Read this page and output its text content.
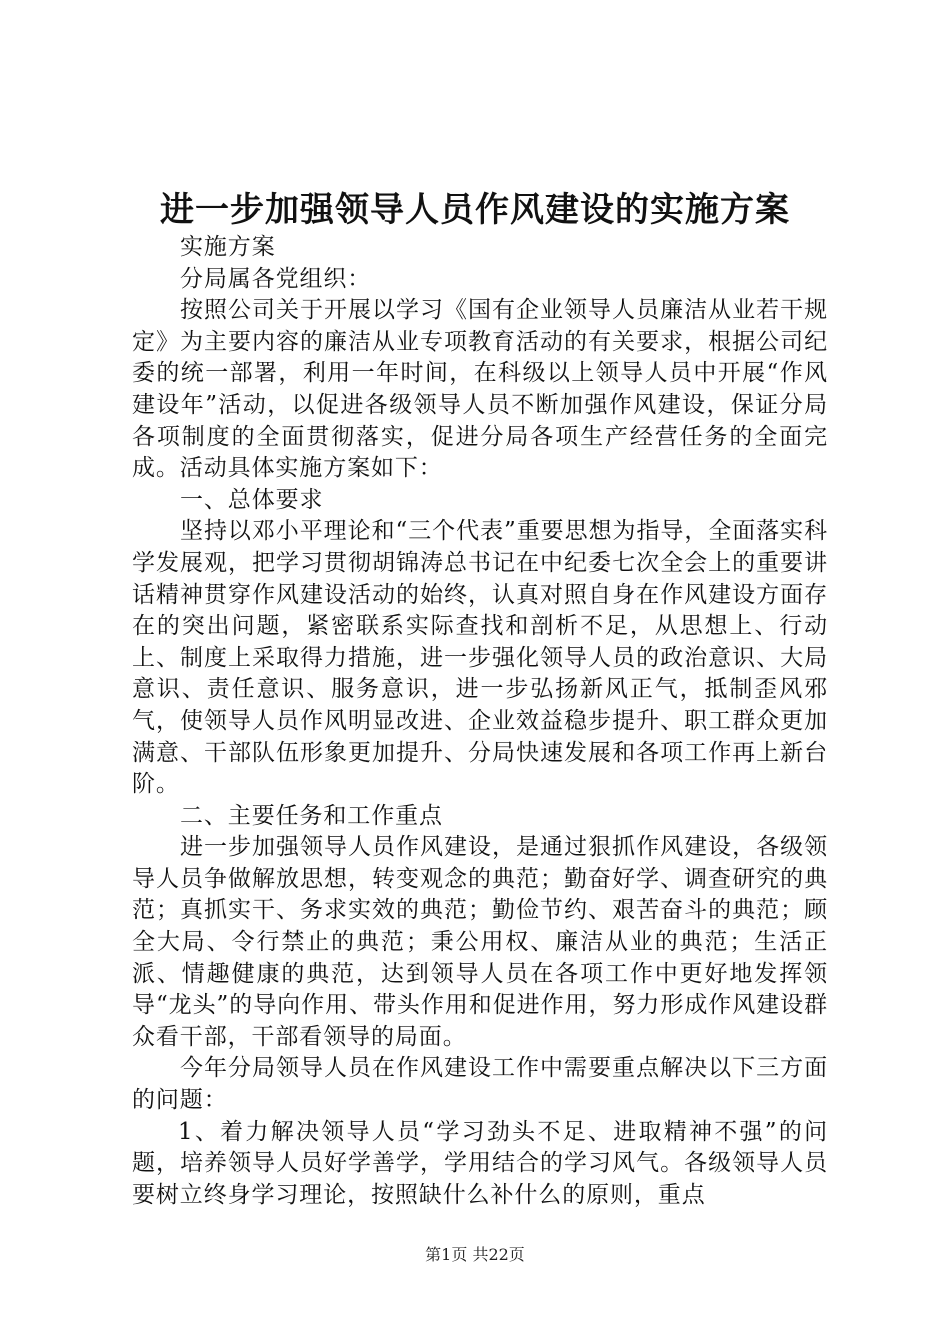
进一步加强领导人员作风建设的实施方案

实施方案

分局属各党组织：

按照公司关于开展以学习《国有企业领导人员廉洁从业若干规定》为主要内容的廉洁从业专项教育活动的有关要求，根据公司纪委的统一部署，利用一年时间，在科级以上领导人员中开展“作风建设年”活动，以促进各级领导人员不断加强作风建设，保证分局各项制度的全面贯彻落实，促进分局各项生产经营任务的全面完成。活动具体实施方案如下：

一、总体要求

坚持以邓小平理论和“三个代表”重要思想为指导，全面落实科学发展观，把学习贯彻胡锦涛总书记在中纪委七次全会上的重要讲话精神贯穿作风建设活动的始终，认真对照自身在作风建设方面存在的突出问题，紧密联系实际查找和剖析不足，从思想上、行动上、制度上采取得力措施，进一步强化领导人员的政治意识、大局意识、责任意识、服务意识，进一步弘扬新风正气，抵制歪风邪气，使领导人员作风明显改进、企业效益稳步提升、职工群众更加满意、干部队伍形象更加提升、分局快速发展和各项工作再上新台阶。

二、主要任务和工作重点

进一步加强领导人员作风建设，是通过狠抓作风建设，各级领导人员争做解放思想，转变观念的典范；勤奋好学、调查研究的典范；真抓实干、务求实效的典范；勤俭节约、艰苦奋斗的典范；顾全大局、令行禁止的典范；秉公用权、廉洁从业的典范；生活正派、情趣健康的典范，达到领导人员在各项工作中更好地发挥领导“龙头”的导向作用、带头作用和促进作用，努力形成作风建设群众看干部，干部看领导的局面。

今年分局领导人员在作风建设工作中需要重点解决以下三方面的问题：

1、着力解决领导人员“学习劲头不足、进取精神不强”的问题，培养领导人员好学善学，学用结合的学习风气。各级领导人员要树立终身学习理论，按照缺什么补什么的原则，重点

第1页 共22页
